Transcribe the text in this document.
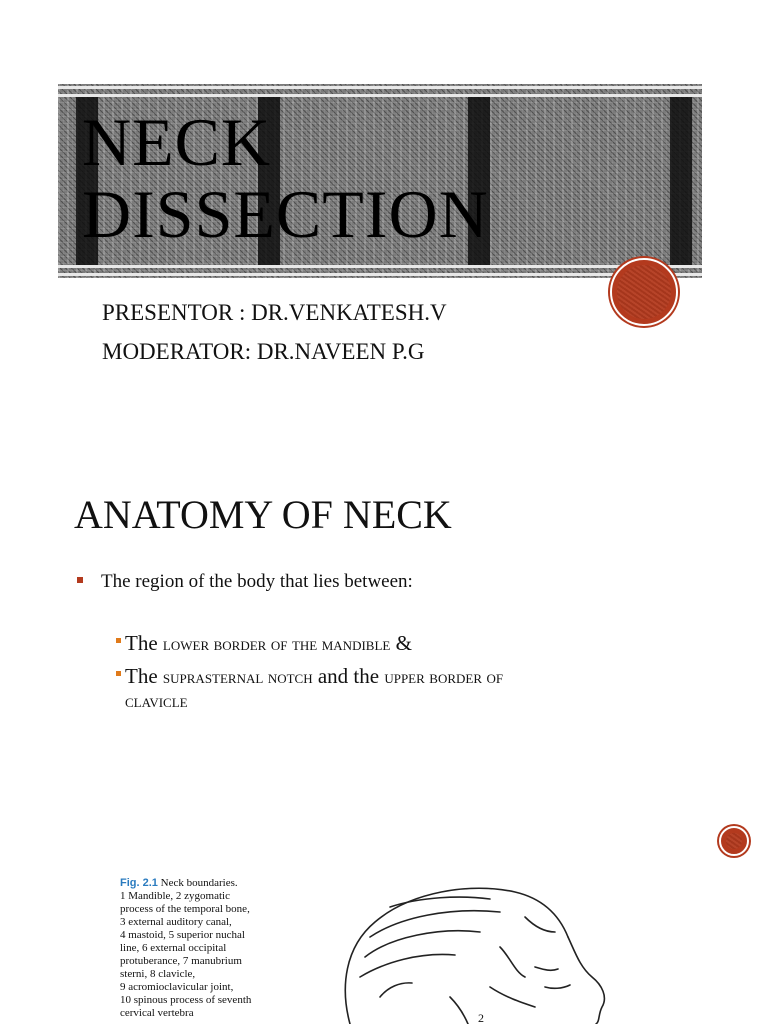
NECK
DISSECTION

PRESENTOR : DR.VENKATESH.V

MODERATOR: DR.NAVEEN P.G

ANATOMY OF NECK
The region of the body that lies between:
The lower border of the mandible &
The suprasternal notch and the upper border of
clavicle
Fig. 2.1 Neck boundaries.
1 Mandible, 2 zygomatic
process of the temporal bone,
3 external auditory canal,
4 mastoid, 5 superior nuchal
line, 6 external occipital
protuberance, 7 manubrium
sterni, 8 clavicle,
9 acromioclavicular joint,
10 spinous process of seventh
cervical vertebra	2
